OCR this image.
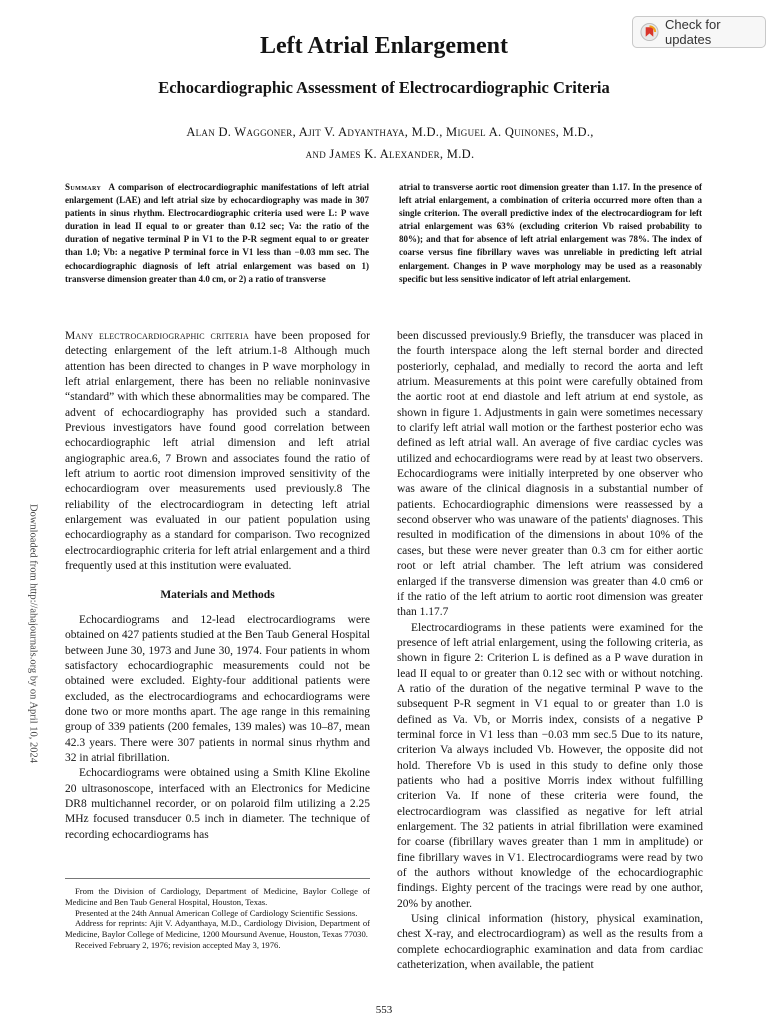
Check for updates
Left Atrial Enlargement
Echocardiographic Assessment of Electrocardiographic Criteria
Alan D. Waggoner, Ajit V. Adyanthaya, M.D., Miguel A. Quinones, M.D.,
and James K. Alexander, M.D.
Summary A comparison of electrocardiographic manifestations of left atrial enlargement (LAE) and left atrial size by echocardiography was made in 307 patients in sinus rhythm. Electrocardiographic criteria used were L: P wave duration in lead II equal to or greater than 0.12 sec; Va: the ratio of the duration of negative terminal P in V1 to the P-R segment equal to or greater than 1.0; Vb: a negative P terminal force in V1 less than −0.03 mm sec. The echocardiographic diagnosis of left atrial enlargement was based on 1) transverse dimension greater than 4.0 cm, or 2) a ratio of transverse
atrial to transverse aortic root dimension greater than 1.17. In the presence of left atrial enlargement, a combination of criteria occurred more often than a single criterion. The overall predictive index of the electrocardiogram for left atrial enlargement was 63% (excluding criterion Vb raised probability to 80%); and that for absence of left atrial enlargement was 78%. The index of coarse versus fine fibrillary waves was unreliable in predicting left atrial enlargement. Changes in P wave morphology may be used as a reasonably specific but less sensitive indicator of left atrial enlargement.

Many electrocardiographic criteria have been proposed for detecting enlargement of the left atrium.1-8 Although much attention has been directed to changes in P wave morphology in left atrial enlargement, there has been no reliable noninvasive “standard” with which these abnormalities may be compared. The advent of echocardiography has provided such a standard. Previous investigators have found good correlation between echocardiographic left atrial dimension and left atrial angiographic area.6, 7 Brown and associates found the ratio of left atrium to aortic root dimension improved sensitivity of the echocardiogram over measurements used previously.8 The reliability of the electrocardiogram in detecting left atrial enlargement was evaluated in our patient population using echocardiography as a standard for comparison. Two recognized electrocardiographic criteria for left atrial enlargement and a third frequently used at this institution were evaluated.

Materials and Methods

Echocardiograms and 12-lead electrocardiograms were obtained on 427 patients studied at the Ben Taub General Hospital between June 30, 1973 and June 30, 1974. Four patients in whom satisfactory echocardiographic measurements could not be obtained were excluded. Eighty-four additional patients were excluded, as the electrocardiograms and echocardiograms were done two or more months apart. The age range in this remaining group of 339 patients (200 females, 139 males) was 10–87, mean 42.3 years. There were 307 patients in normal sinus rhythm and 32 in atrial fibrillation.

Echocardiograms were obtained using a Smith Kline Ekoline 20 ultrasonoscope, interfaced with an Electronics for Medicine DR8 multichannel recorder, or on polaroid film utilizing a 2.25 MHz focused transducer 0.5 inch in diameter. The technique of recording echocardiograms has

been discussed previously.9 Briefly, the transducer was placed in the fourth interspace along the left sternal border and directed posteriorly, cephalad, and medially to record the aorta and left atrium. Measurements at this point were carefully obtained from the aortic root at end diastole and left atrium at end systole, as shown in figure 1. Adjustments in gain were sometimes necessary to clarify left atrial wall motion or the farthest posterior echo was defined as left atrial wall. An average of five cardiac cycles was utilized and echocardiograms were read by at least two observers. Echocardiograms were initially interpreted by one observer who was aware of the clinical diagnosis in a substantial number of patients. Echocardiographic dimensions were reassessed by a second observer who was unaware of the patients' diagnoses. This resulted in modification of the dimensions in about 10% of the cases, but these were never greater than 0.3 cm for either aortic root or left atrial chamber. The left atrium was considered enlarged if the transverse dimension was greater than 4.0 cm6 or if the ratio of the left atrium to aortic root dimension was greater than 1.17.7

Electrocardiograms in these patients were examined for the presence of left atrial enlargement, using the following criteria, as shown in figure 2: Criterion L is defined as a P wave duration in lead II equal to or greater than 0.12 sec with or without notching. A ratio of the duration of the negative terminal P wave to the subsequent P-R segment in V1 equal to or greater than 1.0 is defined as Va. Vb, or Morris index, consists of a negative P terminal force in V1 less than −0.03 mm sec.5 Due to its nature, criterion Va always included Vb. However, the opposite did not hold. Therefore Vb is used in this study to define only those patients who had a positive Morris index without fulfilling criterion Va. If none of these criteria were found, the electrocardiogram was classified as negative for left atrial enlargement. The 32 patients in atrial fibrillation were examined for coarse (fibrillary waves greater than 1 mm in amplitude) or fine fibrillary waves in V1. Electrocardiograms were read by two of the authors without knowledge of the echocardiographic findings. Eighty percent of the tracings were read by one author, 20% by another.

Using clinical information (history, physical examination, chest X-ray, and electrocardiogram) as well as the results from a complete echocardiographic examination and data from cardiac catheterization, when available, the patient

From the Division of Cardiology, Department of Medicine, Baylor College of Medicine and Ben Taub General Hospital, Houston, Texas.

Presented at the 24th Annual American College of Cardiology Scientific Sessions.

Address for reprints: Ajit V. Adyanthaya, M.D., Cardiology Division, Department of Medicine, Baylor College of Medicine, 1200 Moursund Avenue, Houston, Texas 77030.

Received February 2, 1976; revision accepted May 3, 1976.

553
Downloaded from http://ahajournals.org by on April 10, 2024
